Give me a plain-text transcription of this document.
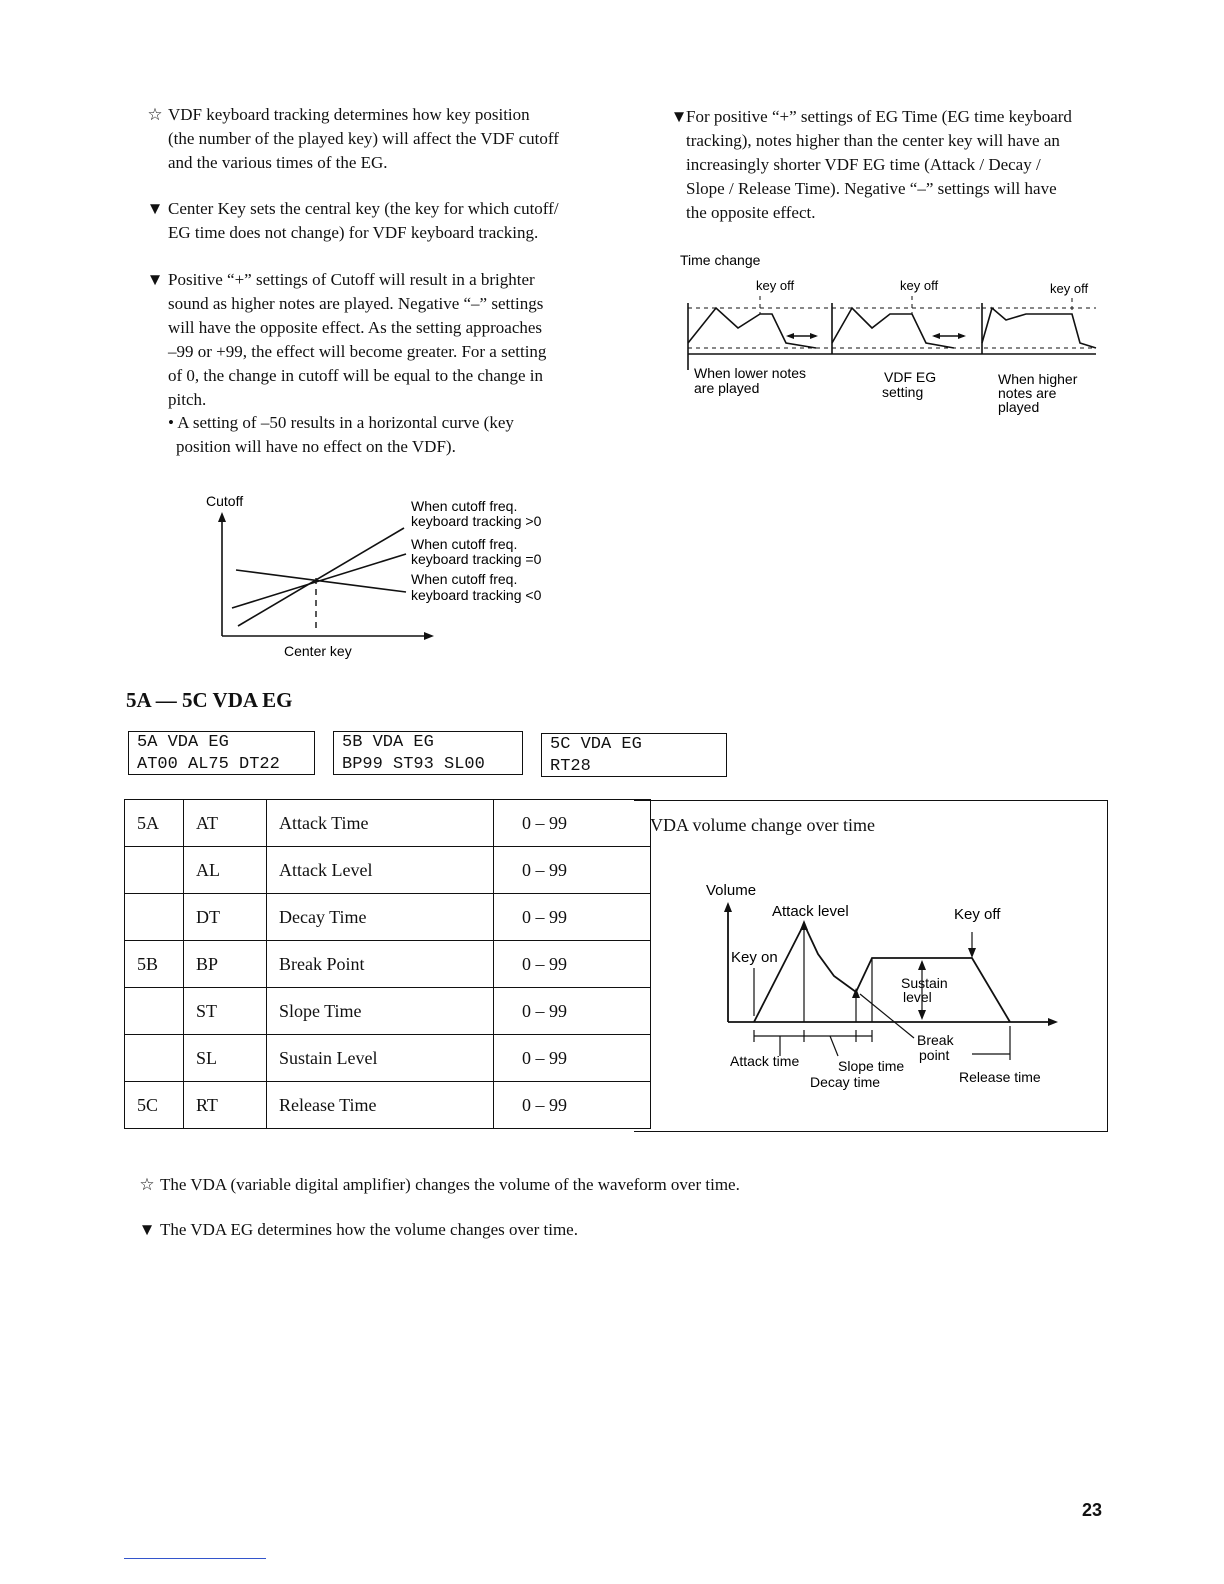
☆ VDF keyboard tracking determines how key position
(the number of the played key) will affect the VDF cutoff
and the various times of the EG.
▼ Center Key sets the central key (the key for which cutoff/
EG time does not change) for VDF keyboard tracking.
▼ Positive “+” settings of Cutoff will result in a brighter
sound as higher notes are played. Negative “–” settings
will have the opposite effect. As the setting approaches
–99 or +99, the effect will become greater. For a setting
of 0, the change in cutoff will be equal to the change in
pitch.
• A setting of –50 results in a horizontal curve (key
position will have no effect on the VDF).
▼
For positive “+” settings of EG Time (EG time keyboard
tracking), notes higher than the center key will have an
increasingly shorter VDF EG time (Attack / Decay /
Slope / Release Time). Negative “–” settings will have
the opposite effect.
Time change
key off	key off	key off
When lower notes
are played
VDF EG
setting
When higher
notes are
played
Cutoff
Center key
When cutoff freq.
keyboard tracking >0
When cutoff freq.
keyboard tracking =0
When cutoff freq.
keyboard tracking <0
5A — 5C VDA EG
5A VDA EG
AT00 AL75 DT22
5B VDA EG
BP99 ST93 SL00
5C VDA EG
RT28
5A	AT	Attack Time	0 – 99
	AL	Attack Level	0 – 99
	DT	Decay Time	0 – 99
5B	BP	Break Point	0 – 99
	ST	Slope Time	0 – 99
	SL	Sustain Level	0 – 99
5C	RT	Release Time	0 – 99
VDA volume change over time
Volume
Attack level	Key off
Key on
Sustain
level
Break
point
Attack time	Slope time
Decay time	Release time
☆ The VDA (variable digital amplifier) changes the volume of the waveform over time.
▼ The VDA EG determines how the volume changes over time.
23
